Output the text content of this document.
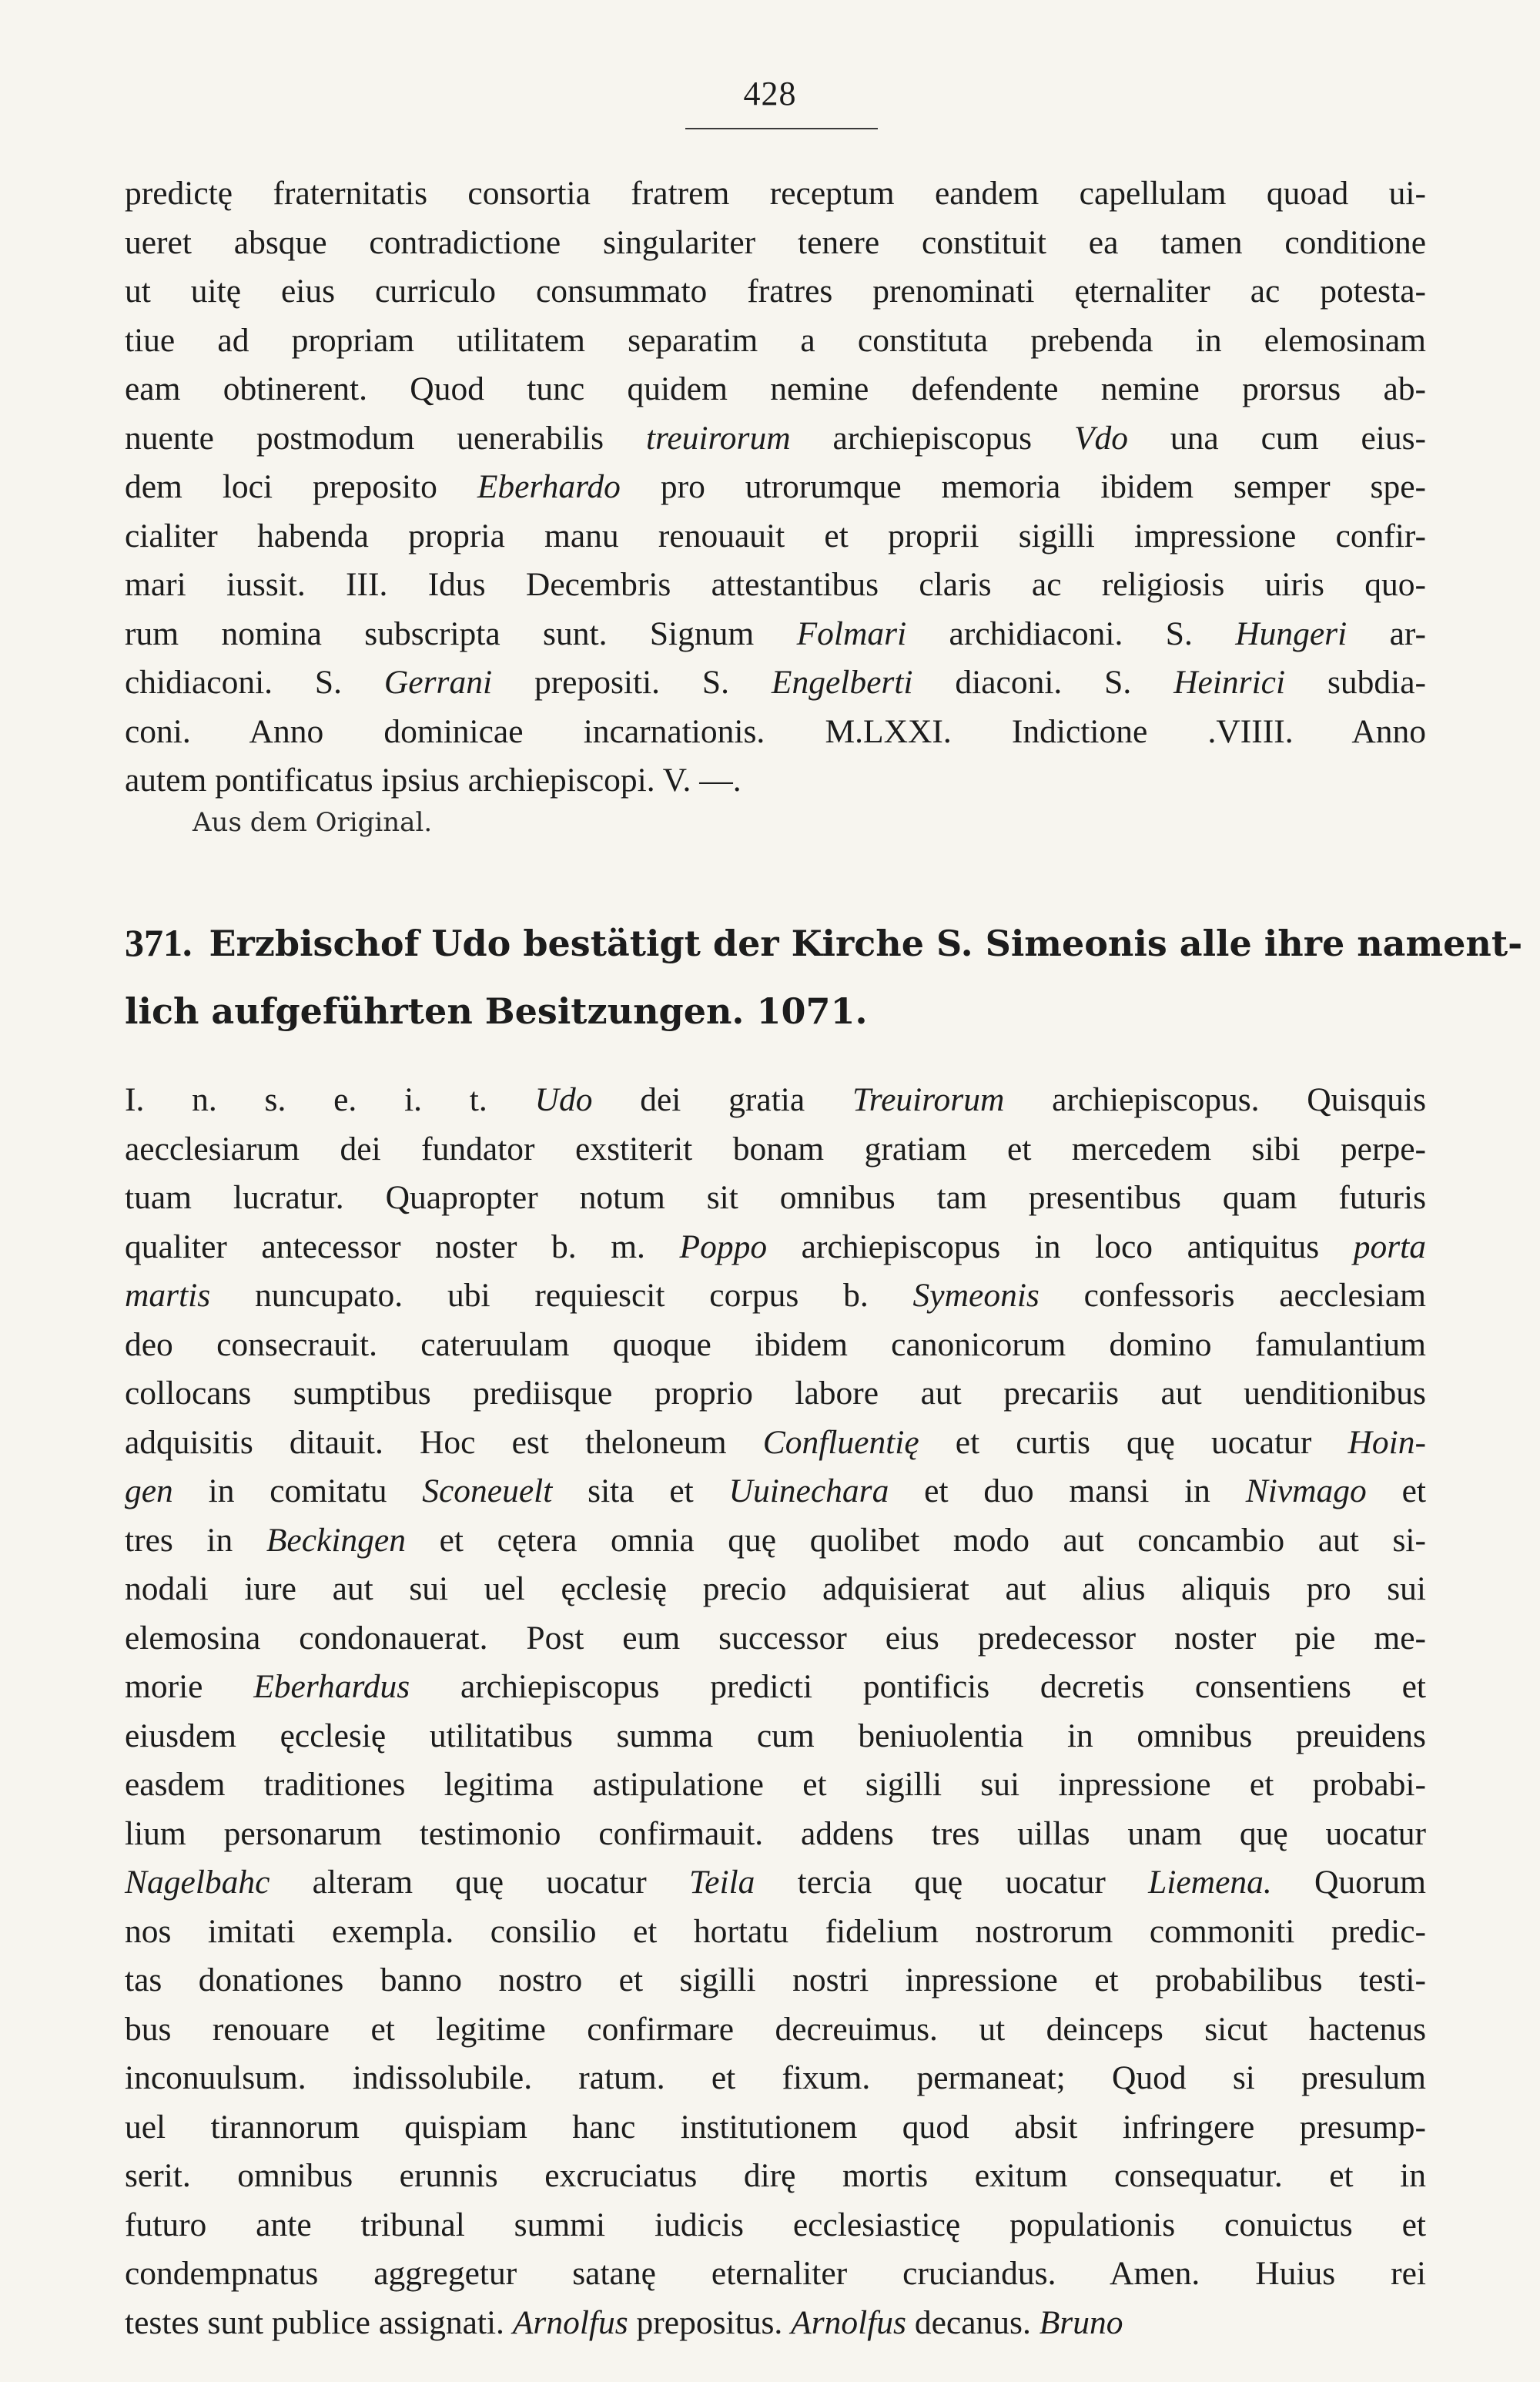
428
predictę fraternitatis consortia fratrem receptum eandem capellulam quoad ui-
ueret absque contradictione singulariter tenere constituit ea tamen conditione
ut uitę eius curriculo consummato fratres prenominati ęternaliter ac potesta-
tiue ad propriam utilitatem separatim a constituta prebenda in elemosinam
eam obtinerent. Quod tunc quidem nemine defendente nemine prorsus ab-
nuente postmodum uenerabilis treuirorum archiepiscopus Vdo una cum eius-
dem loci preposito Eberhardo pro utrorumque memoria ibidem semper spe-
cialiter habenda propria manu renouauit et proprii sigilli impressione confir-
mari iussit. III. Idus Decembris attestantibus claris ac religiosis uiris quo-
rum nomina subscripta sunt. Signum Folmari archidiaconi. S. Hungeri ar-
chidiaconi. S. Gerrani prepositi. S. Engelberti diaconi. S. Heinrici subdia-
coni. Anno dominicae incarnationis. M.LXXI. Indictione .VIIII. Anno
autem pontificatus ipsius archiepiscopi. V. —.
Aus dem Original.
371. Erzbischof Udo bestätigt der Kirche S. Simeonis alle ihre nament-
lich aufgeführten Besitzungen. 1071.
I. n. s. e. i. t. Udo dei gratia Treuirorum archiepiscopus. Quisquis
aecclesiarum dei fundator exstiterit bonam gratiam et mercedem sibi perpe-
tuam lucratur. Quapropter notum sit omnibus tam presentibus quam futuris
qualiter antecessor noster b. m. Poppo archiepiscopus in loco antiquitus porta
martis nuncupato. ubi requiescit corpus b. Symeonis confessoris aecclesiam
deo consecrauit. cateruulam quoque ibidem canonicorum domino famulantium
collocans sumptibus prediisque proprio labore aut precariis aut uenditionibus
adquisitis ditauit. Hoc est theloneum Confluentię et curtis quę uocatur Hoin-
gen in comitatu Sconeuelt sita et Uuinechara et duo mansi in Nivmago et
tres in Beckingen et cętera omnia quę quolibet modo aut concambio aut si-
nodali iure aut sui uel ęcclesię precio adquisierat aut alius aliquis pro sui
elemosina condonauerat. Post eum successor eius predecessor noster pie me-
morie Eberhardus archiepiscopus predicti pontificis decretis consentiens et
eiusdem ęcclesię utilitatibus summa cum beniuolentia in omnibus preuidens
easdem traditiones legitima astipulatione et sigilli sui inpressione et probabi-
lium personarum testimonio confirmauit. addens tres uillas unam quę uocatur
Nagelbahc alteram quę uocatur Teila tercia quę uocatur Liemena. Quorum
nos imitati exempla. consilio et hortatu fidelium nostrorum commoniti predic-
tas donationes banno nostro et sigilli nostri inpressione et probabilibus testi-
bus renouare et legitime confirmare decreuimus. ut deinceps sicut hactenus
inconuulsum. indissolubile. ratum. et fixum. permaneat; Quod si presulum
uel tirannorum quispiam hanc institutionem quod absit infringere presump-
serit. omnibus erunnis excruciatus dirę mortis exitum consequatur. et in
futuro ante tribunal summi iudicis ecclesiasticę populationis conuictus et
condempnatus aggregetur satanę eternaliter cruciandus. Amen. Huius rei
testes sunt publice assignati. Arnolfus prepositus. Arnolfus decanus. Bruno
